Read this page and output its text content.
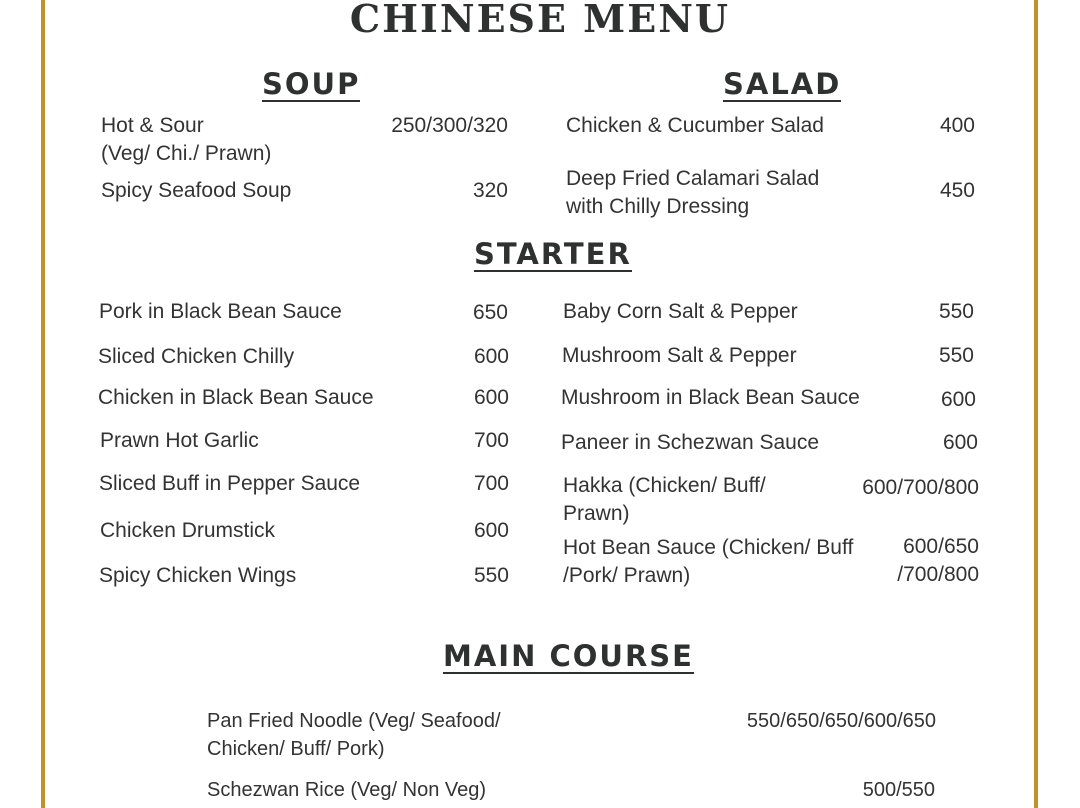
CHINESE MENU
SOUP
Hot & Sour
(Veg/ Chi./ Prawn)
250/300/320
Spicy Seafood Soup	320
SALAD
Chicken & Cucumber Salad	400
Deep Fried Calamari Salad
with Chilly Dressing
450
STARTER
Pork in Black Bean Sauce	650
Sliced Chicken Chilly	600
Chicken in Black Bean Sauce	600
Prawn Hot Garlic	700
Sliced Buff in Pepper Sauce	700
Chicken Drumstick	600
Spicy Chicken Wings	550
Baby Corn Salt & Pepper	550
Mushroom Salt & Pepper	550
Mushroom in Black Bean Sauce	600
Paneer in Schezwan Sauce	600
Hakka (Chicken/ Buff/
Prawn)
600/700/800
Hot Bean Sauce (Chicken/ Buff
/Pork/ Prawn)
600/650
/700/800
MAIN COURSE
Pan Fried Noodle (Veg/ Seafood/
Chicken/ Buff/ Pork)
550/650/650/600/650
Schezwan Rice (Veg/ Non Veg)	500/550
